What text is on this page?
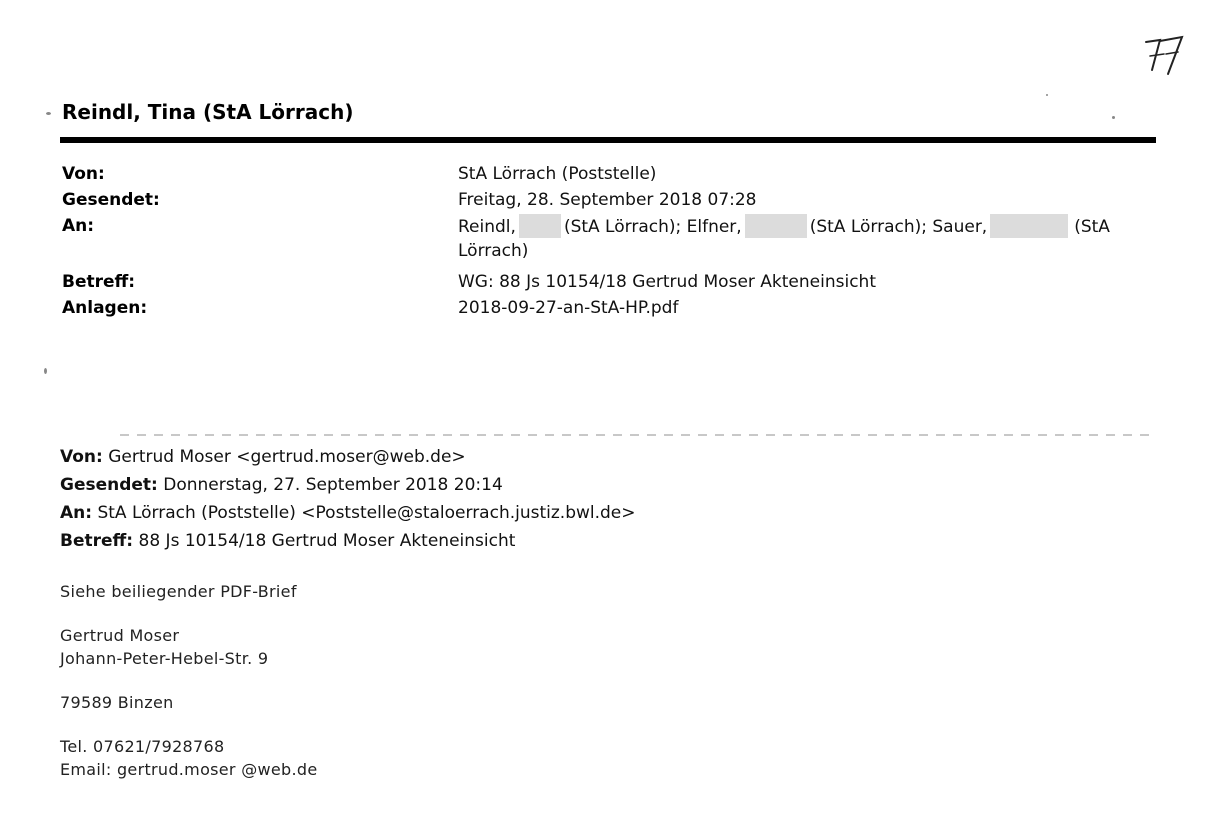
Reindl, Tina (StA Lörrach)
Von:	StA Lörrach (Poststelle)
Gesendet:	Freitag, 28. September 2018 07:28
An:	Reindl,	(StA Lörrach); Elfner,	(StA Lörrach); Sauer,	(StA
Lörrach)
Betreff:	WG: 88 Js 10154/18 Gertrud Moser Akteneinsicht
Anlagen:	2018-09-27-an-StA-HP.pdf
Von: Gertrud Moser <gertrud.moser@web.de>
Gesendet: Donnerstag, 27. September 2018 20:14
An: StA Lörrach (Poststelle) <Poststelle@staloerrach.justiz.bwl.de>
Betreff: 88 Js 10154/18 Gertrud Moser Akteneinsicht
Siehe beiliegender PDF-Brief
Gertrud Moser
Johann-Peter-Hebel-Str. 9
79589 Binzen
Tel. 07621/7928768
Email: gertrud.moser @web.de
